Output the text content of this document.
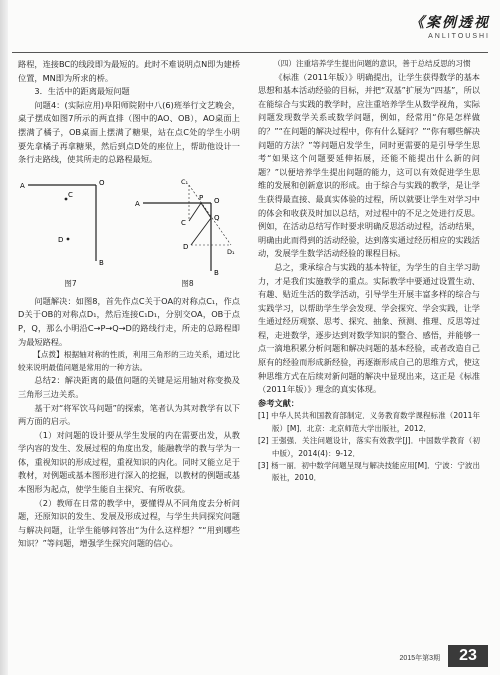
《案例透视
ANLITOUSHI

路程，连接BC的线段即为最短的。此时不难说明点N即为建桥位置，MN即为所求的桥。

3．生活中的距离最短问题

问题4：(实际应用)阜阳师院附中八(6)班举行文艺晚会，桌子摆成如图7所示的两直排（图中的AO、OB），AO桌面上摆满了橘子，OB桌面上摆满了糖果，站在点C处的学生小明要先拿橘子再拿糖果，然后到点D处的座位上，帮助他设计一条行走路线，使其所走的总路程最短。

A	O
C
D
B
图7
C₁
A
P O
C
Q
D
D₁
B
图8

问题解决：如图8，首先作点C关于OA的对称点C₁，作点D关于OB的对称点D₁，然后连接C₁D₁，分别交OA，OB于点P，Q，那么小明沿C→P→Q→D的路线行走，所走的总路程即为最短路程。

【点拨】根据轴对称的性质，利用三角形的三边关系，通过比较来说明最值问题是常用的一种方法。

总结2：解决距离的最值问题的关键是运用轴对称变换及三角形三边关系。

基于对“将军饮马问题”的探索，笔者认为其对教学有以下两方面的启示。

（1）对问题的设计要从学生发展的内在需要出发，从教学内容的发生、发展过程的角度出发，能融教学的教与学为一体，重视知识的形成过程，重视知识的内化。同时又能立足于教材，对例题或基本图形进行深入的挖掘，以教材的例题或基本图形为起点，使学生能自主探究、有所收获。

（2）教师在日常的教学中，要懂得从不同角度去分析问题，还原知识的发生、发展及形成过程，与学生共同探究问题与解决问题，让学生能够问答出“为什么这样想？”“用到哪些知识？”等问题，增强学生探究问题的信心。

（四）注重培养学生提出问题的意识，善于总结反思的习惯

《标准（2011年版）》明确提出，让学生获得数学的基本思想和基本活动经验的目标，并把“双基”扩展为“四基”，所以在能综合与实践的教学时，应注重培养学生从数学视角，实际问题发现数学关系或数学问题，例如，经常用“你是怎样做的？”“在问题的解决过程中，你有什么疑问？”“你有哪些解决问题的方法？”等问题启发学生，同时更需要的是引导学生思考“如果这个问题要延伸拓展，还能不能提出什么新的问题？”以便培养学生提出问题的能力，这可以有效促进学生思维的发展和创新意识的形成。由于综合与实践的教学，是让学生获得最直接、最真实体验的过程，所以就要让学生对学习中的体会和收获及时加以总结，对过程中的不足之处进行反思。例如，在活动总结写作时要求明确反思活动过程，活动结果，明确由此而得到的活动经验，达到落实通过经历相应的实践活动，发展学生数学活动经验的课程目标。

总之，秉承综合与实践的基本特征，为学生的自主学习助力，才是我们实施教学的重点。实际教学中要通过设置生动、有趣、贴近生活的数学活动，引导学生开展丰富多样的综合与实践学习，以帮助学生学会发现、学会探究、学会实践，让学生通过经历观察、思考、探究、抽象、预测、推理、反思等过程，走进数学，逐步达到对数学知识的整合、感悟，并能够一点一滴地积累分析问题和解决问题的基本经验，或者改造自己原有的经验而形成新经验，再逐渐形成自己的思维方式，使这种思维方式在后续对新问题的解决中显现出来，这正是《标准（2011年版）》理念的真实体现。

参考文献：

[1] 中华人民共和国教育部制定．义务教育数学课程标准（2011年版）[M]．北京：北京师范大学出版社，2012．

[2] 王强强．关注问题设计，落实有效教学[J]．中国数学教育（初中版），2014(4)：9-12．

[3] 杨一丽．初中数学问题呈现与解决技能应用[M]．宁波：宁波出版社，2010．

2015年第3期	23
